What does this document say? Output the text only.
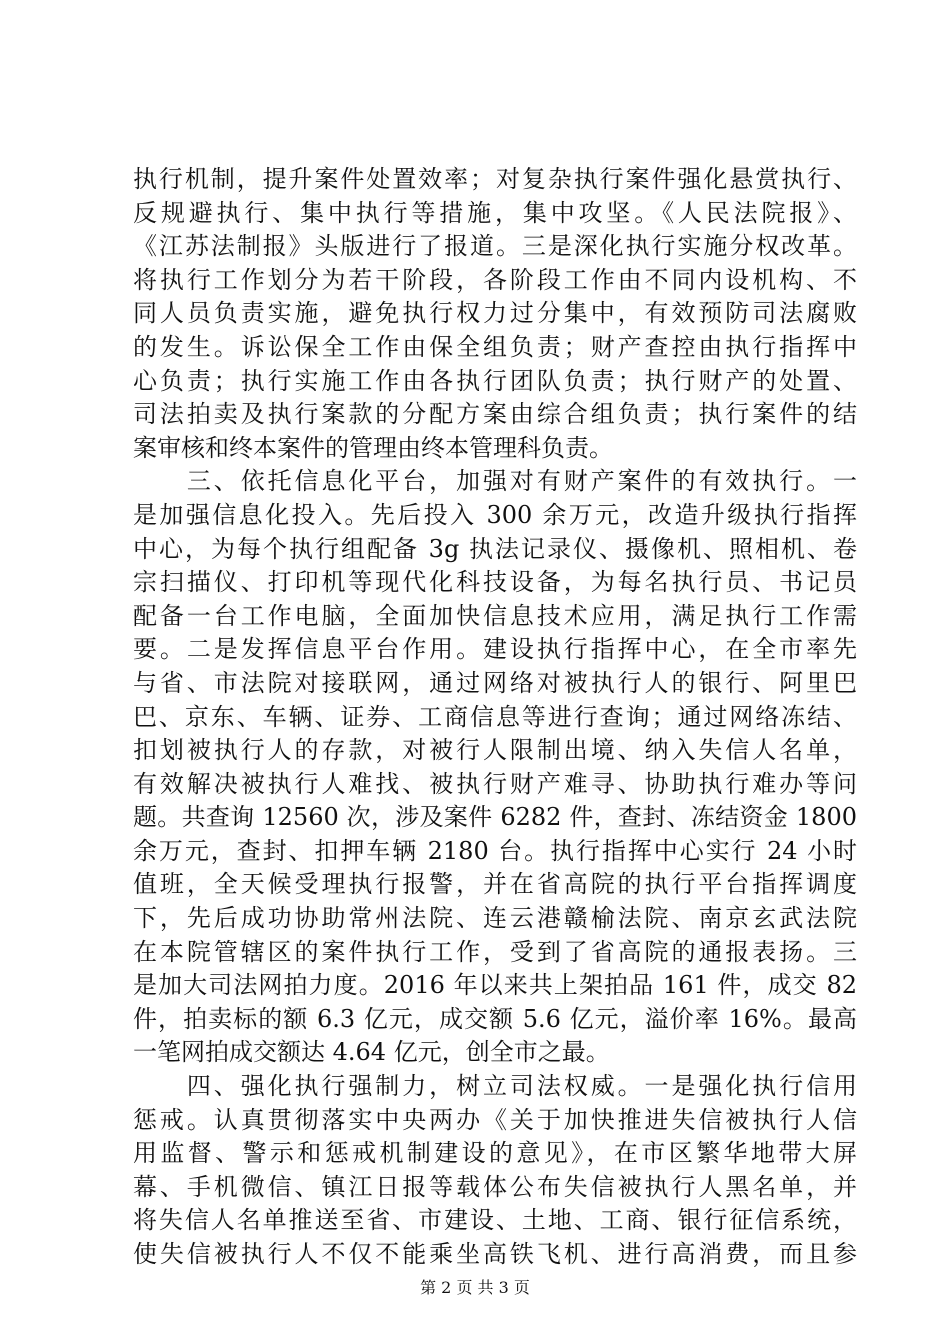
执行机制，提升案件处置效率；对复杂执行案件强化悬赏执行、
反规避执行、集中执行等措施，集中攻坚。《人民法院报》、
《江苏法制报》头版进行了报道。三是深化执行实施分权改革。
将执行工作划分为若干阶段，各阶段工作由不同内设机构、不
同人员负责实施，避免执行权力过分集中，有效预防司法腐败
的发生。诉讼保全工作由保全组负责；财产查控由执行指挥中
心负责；执行实施工作由各执行团队负责；执行财产的处置、
司法拍卖及执行案款的分配方案由综合组负责；执行案件的结
案审核和终本案件的管理由终本管理科负责。
　　三、依托信息化平台，加强对有财产案件的有效执行。一
是加强信息化投入。先后投入 300 余万元，改造升级执行指挥
中心，为每个执行组配备 3g 执法记录仪、摄像机、照相机、卷
宗扫描仪、打印机等现代化科技设备，为每名执行员、书记员
配备一台工作电脑，全面加快信息技术应用，满足执行工作需
要。二是发挥信息平台作用。建设执行指挥中心，在全市率先
与省、市法院对接联网，通过网络对被执行人的银行、阿里巴
巴、京东、车辆、证券、工商信息等进行查询；通过网络冻结、
扣划被执行人的存款，对被行人限制出境、纳入失信人名单，
有效解决被执行人难找、被执行财产难寻、协助执行难办等问
题。共查询 12560 次，涉及案件 6282 件，查封、冻结资金 1800
余万元，查封、扣押车辆 2180 台。执行指挥中心实行 24 小时
值班，全天候受理执行报警，并在省高院的执行平台指挥调度
下，先后成功协助常州法院、连云港赣榆法院、南京玄武法院
在本院管辖区的案件执行工作，受到了省高院的通报表扬。三
是加大司法网拍力度。2016 年以来共上架拍品 161 件，成交 82
件，拍卖标的额 6.3 亿元，成交额 5.6 亿元，溢价率 16%。最高
一笔网拍成交额达 4.64 亿元，创全市之最。
　　四、强化执行强制力，树立司法权威。一是强化执行信用
惩戒。认真贯彻落实中央两办《关于加快推进失信被执行人信
用监督、警示和惩戒机制建设的意见》，在市区繁华地带大屏
幕、手机微信、镇江日报等载体公布失信被执行人黑名单，并
将失信人名单推送至省、市建设、土地、工商、银行征信系统，
使失信被执行人不仅不能乘坐高铁飞机、进行高消费，而且参
第 2 页 共 3 页
